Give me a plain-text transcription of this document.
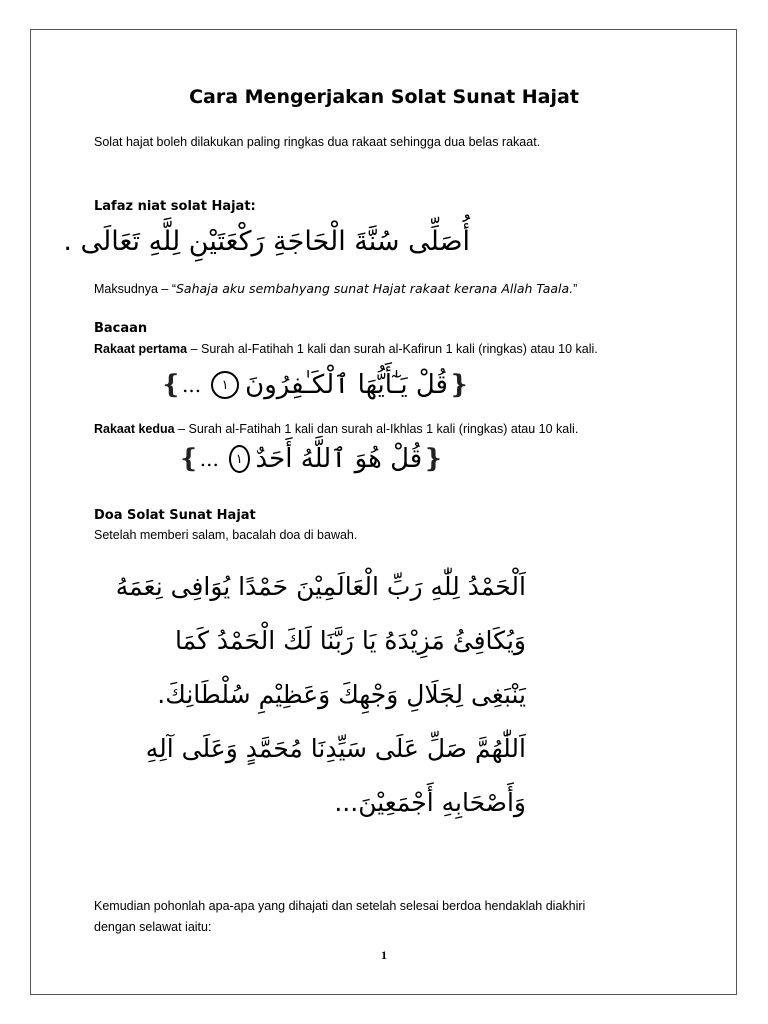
Cara Mengerjakan Solat Sunat Hajat
Solat hajat boleh dilakukan paling ringkas dua rakaat sehingga dua belas rakaat.
Lafaz niat solat Hajat:
أُصَلِّى سُنَّةَ الْحَاجَةِ رَكْعَتَيْنِ لِلَّهِ تَعَالَى .
Maksudnya – “Sahaja aku sembahyang sunat Hajat rakaat kerana Allah Taala.”
Bacaan
Rakaat pertama – Surah al-Fatihah 1 kali dan surah al-Kafirun 1 kali (ringkas) atau 10 kali.
❴
قُلْ يَـٰٓأَيُّهَا ٱلْكَـٰفِرُونَ
١
...
❵
Rakaat kedua – Surah al-Fatihah 1 kali dan surah al-Ikhlas 1 kali (ringkas) atau 10 kali.
❴
قُلْ هُوَ ٱللَّهُ أَحَدٌ
١
...
❵
Doa Solat Sunat Hajat
Setelah memberi salam, bacalah doa di bawah.
اَلْحَمْدُ لِلّٰهِ رَبِّ الْعَالَمِيْنَ حَمْدًا يُوَافِى نِعَمَهُ
وَيُكَافِئُ مَزِيْدَهُ يَا رَبَّنَا لَكَ الْحَمْدُ كَمَا
يَنْبَغِى لِجَلَالِ وَجْهِكَ وَعَظِيْمِ سُلْطَانِكَ.
اَللّٰهُمَّ صَلِّ عَلَى سَيِّدِنَا مُحَمَّدٍ وَعَلَى آلِهِ
وَأَصْحَابِهِ أَجْمَعِيْنَ...
Kemudian pohonlah apa-apa yang dihajati dan setelah selesai berdoa hendaklah diakhiri
dengan selawat iaitu:
1
